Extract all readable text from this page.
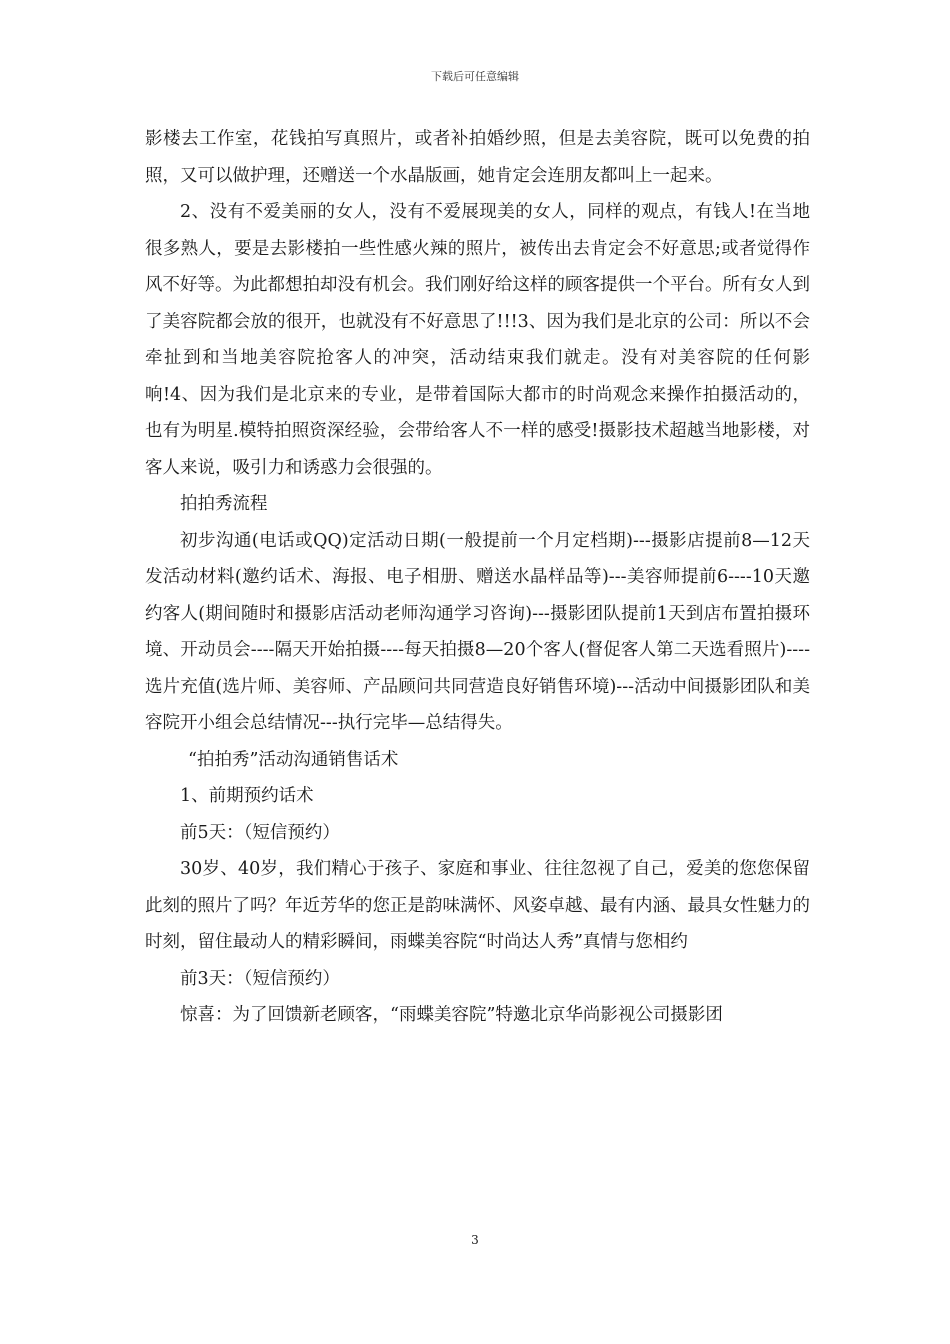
下载后可任意编辑

影楼去工作室，花钱拍写真照片，或者补拍婚纱照，但是去美容院，既可以免费的拍照，又可以做护理，还赠送一个水晶版画，她肯定会连朋友都叫上一起来。

2、没有不爱美丽的女人，没有不爱展现美的女人，同样的观点，有钱人!在当地很多熟人，要是去影楼拍一些性感火辣的照片，被传出去肯定会不好意思;或者觉得作风不好等。为此都想拍却没有机会。我们刚好给这样的顾客提供一个平台。所有女人到了美容院都会放的很开，也就没有不好意思了!!!3、因为我们是北京的公司：所以不会牵扯到和当地美容院抢客人的冲突，活动结束我们就走。没有对美容院的任何影响!4、因为我们是北京来的专业，是带着国际大都市的时尚观念来操作拍摄活动的，也有为明星.模特拍照资深经验，会带给客人不一样的感受!摄影技术超越当地影楼，对客人来说，吸引力和诱惑力会很强的。

拍拍秀流程

初步沟通(电话或QQ)定活动日期(一般提前一个月定档期)---摄影店提前8—12天发活动材料(邀约话术、海报、电子相册、赠送水晶样品等)---美容师提前6----10天邀约客人(期间随时和摄影店活动老师沟通学习咨询)---摄影团队提前1天到店布置拍摄环境、开动员会----隔天开始拍摄----每天拍摄8—20个客人(督促客人第二天选看照片)----选片充值(选片师、美容师、产品顾问共同营造良好销售环境)---活动中间摄影团队和美容院开小组会总结情况---执行完毕—总结得失。

“拍拍秀”活动沟通销售话术

1、前期预约话术

前5天：（短信预约）

30岁、40岁，我们精心于孩子、家庭和事业、往往忽视了自己，爱美的您您保留此刻的照片了吗？年近芳华的您正是韵味满怀、风姿卓越、最有内涵、最具女性魅力的时刻，留住最动人的精彩瞬间，雨蝶美容院“时尚达人秀”真情与您相约

前3天：（短信预约）

惊喜：为了回馈新老顾客，“雨蝶美容院”特邀北京华尚影视公司摄影团

3
